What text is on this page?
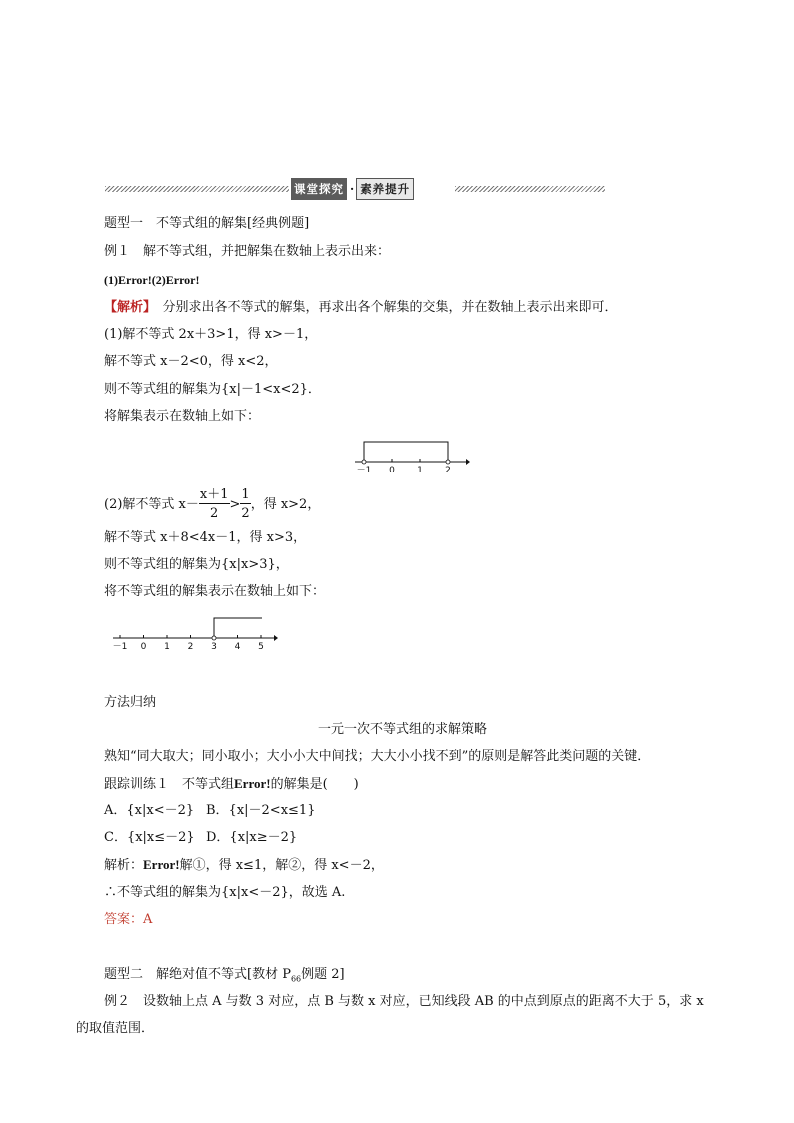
课堂探究 · 素养提升
题型一　不等式组的解集[经典例题]
例１　解不等式组，并把解集在数轴上表示出来：
(1)Error!(2)Error!
【解析】　分别求出各不等式的解集，再求出各个解集的交集，并在数轴上表示出来即可．
(1)解不等式 2x＋3>1，得 x>－1，
解不等式 x－2<0，得 x<2，
则不等式组的解集为{x|－1<x<2}．
将解集表示在数轴上如下：
－1 0 1 2
(2)解不等式 $x- \frac{x+1}{2} > \frac{1}{2}$ ，得 x>2，
解不等式 x＋8<4x－1，得 x>3，
则不等式组的解集为{x|x>3}，
将不等式组的解集表示在数轴上如下：
－1 0 1 2 3 4 5
方法归纳
一元一次不等式组的求解策略
熟知“同大取大；同小取小；大小小大中间找；大大小小找不到”的原则是解答此类问题的关键．
跟踪训练１　不等式组Error!的解集是(　　)
A．{x|x<－2} B．{x|－2<x≤1}
C．{x|x≤－2} D．{x|x≥－2}
解析：Error!解①，得 x≤1，解②，得 x<－2，
∴不等式组的解集为{x|x<－2}，故选 A.
答案：A
题型二　解绝对值不等式[教材 $P_{66}$例题 2]
例２　设数轴上点 A 与数 3 对应，点 B 与数 x 对应，已知线段 AB 的中点到原点的距离不大于 5，求 x
的取值范围．
